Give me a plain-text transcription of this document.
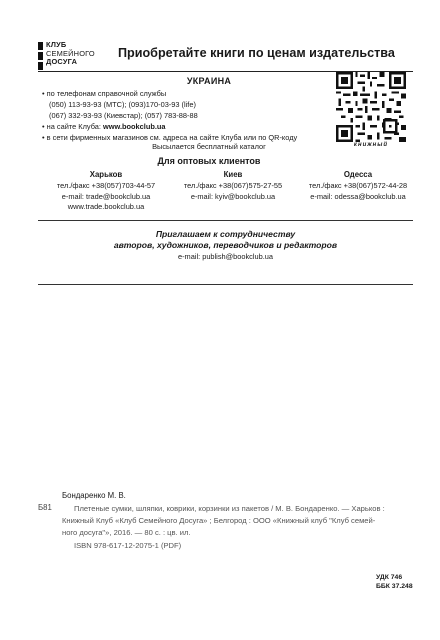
КЛУБ
СЕМЕЙНОГО
ДОСУГА
Приобретайте книги по ценам издательства
УКРАИНА
• по телефонам справочной службы
(050) 113-93-93 (МТС); (093)170-03-93 (life)
(067) 332-93-93 (Киевстар); (057) 783-88-88
• на сайте Клуба: www.bookclub.ua
• в сети фирменных магазинов см. адреса на сайте Клуба или по QR-коду
Высылается бесплатный каталог	книжный
Для оптовых клиентов
Харьков
тел./факс +38(057)703-44-57
e-mail: trade@bookclub.ua
www.trade.bookclub.ua
Киев
тел./факс +38(067)575-27-55
e-mail: kyiv@bookclub.ua
Одесса
тел./факс +38(067)572-44-28
e-mail: odessa@bookclub.ua
Приглашаем к сотрудничеству
авторов, художников, переводчиков и редакторов
e-mail: publish@bookclub.ua
Бондаренко М. В.
Б81	Плетеные сумки, шляпки, коврики, корзинки из пакетов / М. В. Бондаренко. — Харьков :
Книжный Клуб «Клуб Семейного Досуга» ; Белгород : ООО «Книжный клуб "Клуб семей-
ного досуга"», 2016. — 80 с. : цв. ил.
ISBN 978-617-12-2075-1 (PDF)
УДК 746
ББК 37.248
